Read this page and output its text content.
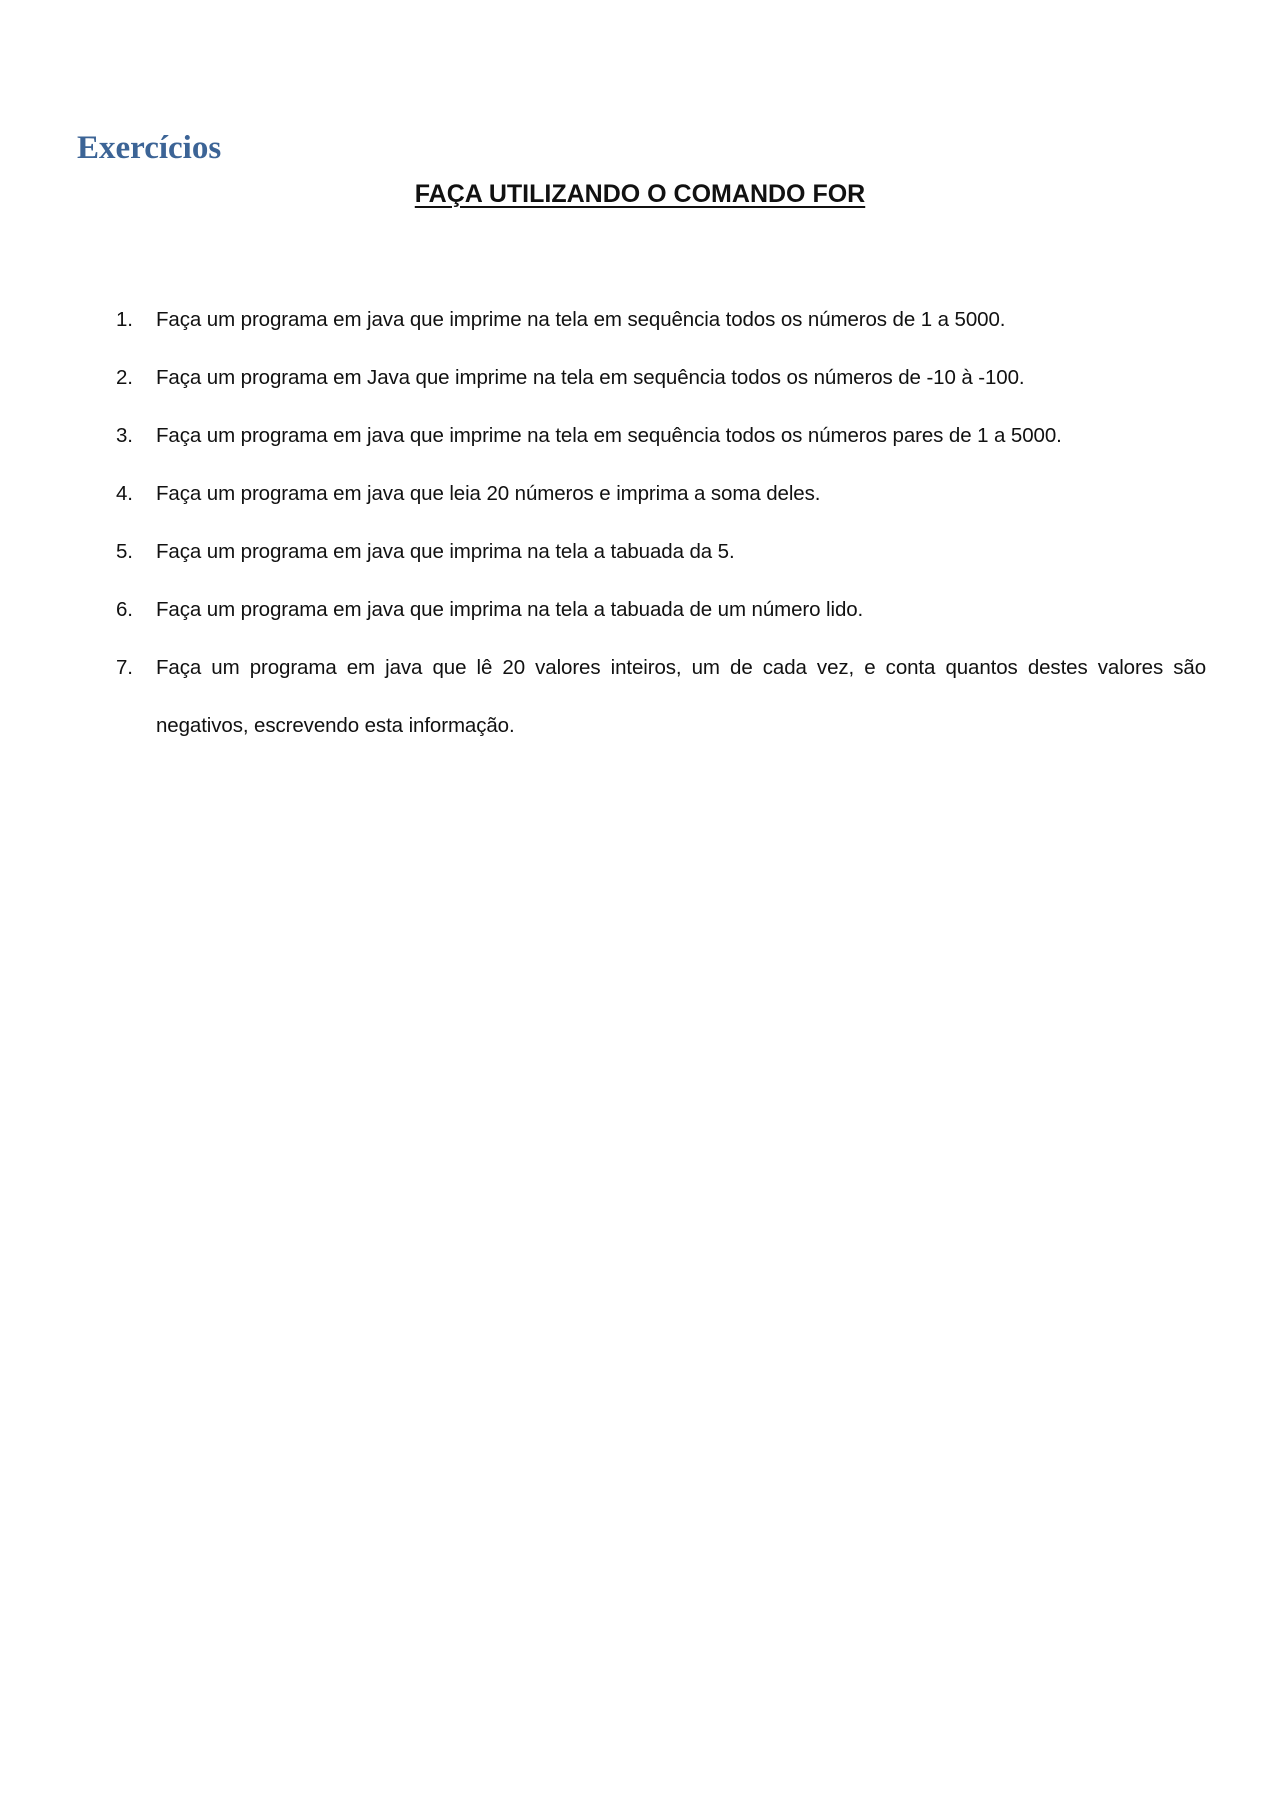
Exercícios
FAÇA UTILIZANDO O COMANDO FOR
1. Faça um programa em java que imprime na tela em sequência todos os números de 1 a 5000.
2. Faça um programa em Java que imprime na tela em sequência todos os números de -10 à -100.
3. Faça um programa em java que imprime na tela em sequência todos os números pares de 1 a 5000.
4. Faça um programa em java que leia 20 números e imprima a soma deles.
5. Faça um programa em java que imprima na tela a tabuada da 5.
6. Faça um programa em java que imprima na tela a tabuada de um número lido.
7. Faça um programa em java que lê 20 valores inteiros, um de cada vez, e conta quantos destes valores são negativos, escrevendo esta informação.
